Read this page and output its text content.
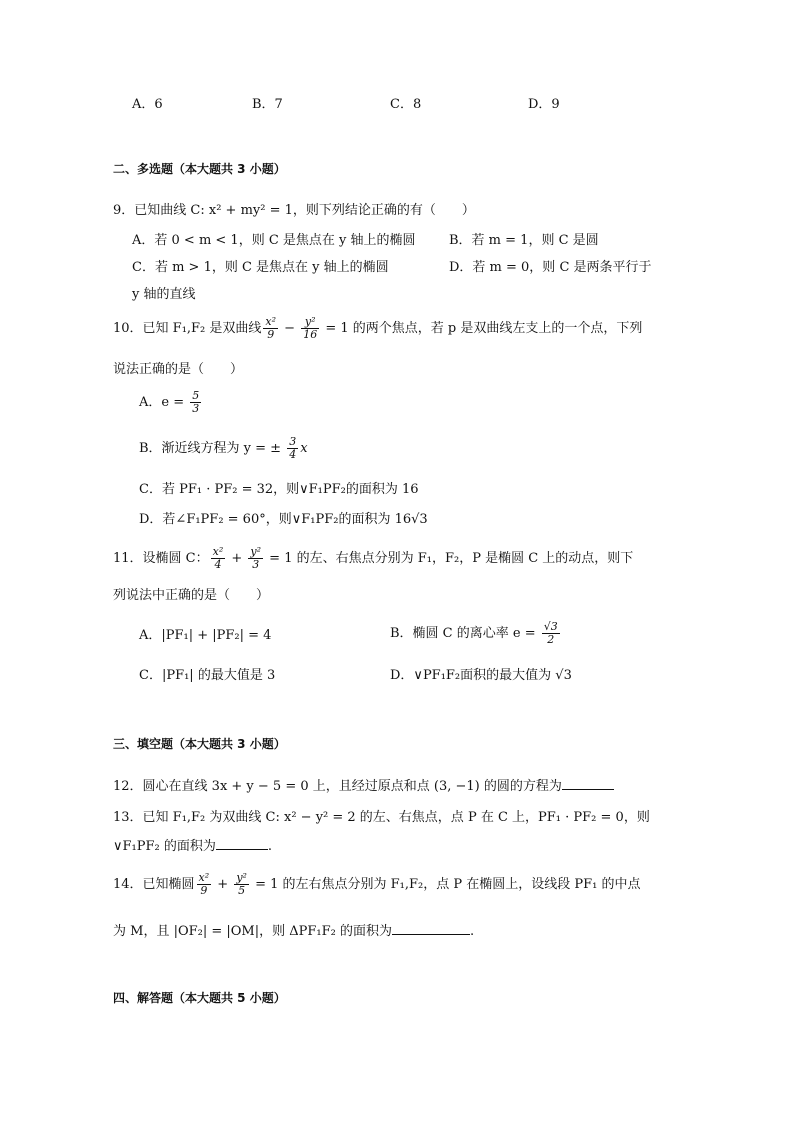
A．6	B．7	C．8	D．9
二、多选题（本大题共 3 小题）
9．已知曲线 C: x² + my² = 1，则下列结论正确的有（　　）
A．若 0 < m < 1，则 C 是焦点在 y 轴上的椭圆	B．若 m = 1，则 C 是圆
C．若 m > 1，则 C 是焦点在 y 轴上的椭圆	D．若 m = 0，则 C 是两条平行于
y 轴的直线
10．已知 F₁,F₂ 是双曲线 $\frac{\text{x²}}{9} - \frac{\text{y²}}{16} = 1$ 的两个焦点，若 p 是双曲线左支上的一个点，下列
说法正确的是（　　）
A．$e = \frac{5}{3}$
B．渐近线方程为 y = ± $\frac{3}{4}$ x
C．若 PF₁ · PF₂ = 32，则∨F₁PF₂的面积为 16
D．若∠F₁PF₂ = 60°，则∨F₁PF₂的面积为 16√3
11．设椭圆 C： $\frac{\text{x²}}{4} + \frac{\text{y²}}{3} = 1$ 的左、右焦点分别为 F₁，F₂，P 是椭圆 C 上的动点，则下
列说法中正确的是（　　）
A．|PF₁| + |PF₂| = 4	B．椭圆 C 的离心率 $e = \frac{√3}{2}$
C．|PF₁| 的最大值是 3	D．∨PF₁F₂面积的最大值为 √3
三、填空题（本大题共 3 小题）
12．圆心在直线 3x + y − 5 = 0 上，且经过原点和点 (3, −1) 的圆的方程为
13．已知 F₁,F₂ 为双曲线 C: x² − y² = 2 的左、右焦点，点 P 在 C 上，PF₁ · PF₂ = 0，则
∨F₁PF₂ 的面积为	.
14．已知椭圆 $\frac{\text{x²}}{9} + \frac{\text{y²}}{5} = 1$ 的左右焦点分别为 F₁,F₂，点 P 在椭圆上，设线段 PF₁ 的中点
为 M，且 |OF₂| = |OM|，则 ΔPF₁F₂ 的面积为	.
四、解答题（本大题共 5 小题）
